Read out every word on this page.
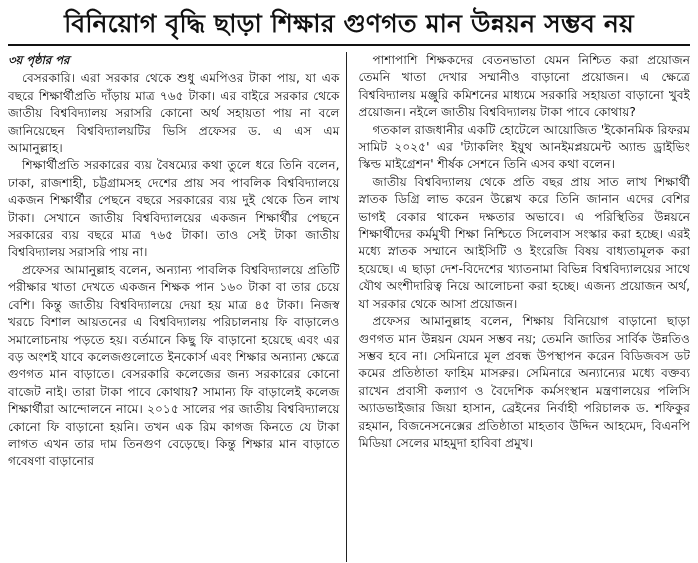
বিনিয়োগ বৃদ্ধি ছাড়া শিক্ষার গুণগত মান উন্নয়ন সম্ভব নয়

৩য় পৃষ্ঠার পর

বেসরকারি। এরা সরকার থেকে শুধু এমপিওর টাকা পায়, যা এক বছরে শিক্ষার্থীপ্রতি দাঁড়ায় মাত্র ৭৬৫ টাকা। এর বাইরে সরকার থেকে জাতীয় বিশ্ববিদ্যালয় সরাসরি কোনো অর্থ সহায়তা পায় না বলে জানিয়েছেন বিশ্ববিদ্যালয়টির ভিসি প্রফেসর ড. এ এস এম আমানুল্লাহ।

শিক্ষার্থীপ্রতি সরকারের ব্যয় বৈষম্যের কথা তুলে ধরে তিনি বলেন, ঢাকা, রাজশাহী, চট্টগ্রামসহ দেশের প্রায় সব পাবলিক বিশ্ববিদ্যালয়ে একজন শিক্ষার্থীর পেছনে বছরে সরকারের ব্যয় দুই থেকে তিন লাখ টাকা। সেখানে জাতীয় বিশ্ববিদ্যালয়ের একজন শিক্ষার্থীর পেছনে সরকারের ব্যয় বছরে মাত্র ৭৬৫ টাকা। তাও সেই টাকা জাতীয় বিশ্ববিদ্যালয় সরাসরি পায় না।

প্রফেসর আমানুল্লাহ বলেন, অন্যান্য পাবলিক বিশ্ববিদ্যালয়ে প্রতিটি পরীক্ষার খাতা দেখতে একজন শিক্ষক পান ১৬০ টাকা বা তার চেয়ে বেশি। কিন্তু জাতীয় বিশ্ববিদ্যালয়ে দেয়া হয় মাত্র ৪৫ টাকা। নিজস্ব খরচে বিশাল আয়তনের এ বিশ্ববিদ্যালয় পরিচালনায় ফি বাড়ালেও সমালোচনায় পড়তে হয়। বর্তমানে কিছু ফি বাড়ানো হয়েছে এবং এর বড় অংশই যাবে কলেজগুলোতে ইনকোর্স এবং শিক্ষার অন্যান্য ক্ষেত্রে গুণগত মান বাড়াতে। বেসরকারি কলেজের জন্য সরকারের কোনো বাজেট নাই। তারা টাকা পাবে কোথায়? সামান্য ফি বাড়ালেই কলেজ শিক্ষার্থীরা আন্দোলনে নামে। ২০১৫ সালের পর জাতীয় বিশ্ববিদ্যালয়ে কোনো ফি বাড়ানো হয়নি। তখন এক রিম কাগজ কিনতে যে টাকা লাগত এখন তার দাম তিনগুণ বেড়েছে। কিন্তু শিক্ষার মান বাড়াতে গবেষণা বাড়ানোর

পাশাপাশি শিক্ষকদের বেতনভাতা যেমন নিশ্চিত করা প্রয়োজন তেমনি খাতা দেখার সম্মানীও বাড়ানো প্রয়োজন। এ ক্ষেত্রে বিশ্ববিদ্যালয় মঞ্জুরি কমিশনের মাধ্যমে সরকারি সহায়তা বাড়ানো খুবই প্রয়োজন। নইলে জাতীয় বিশ্ববিদ্যালয় টাকা পাবে কোথায়?

গতকাল রাজধানীর একটি হোটেলে আয়োজিত 'ইকোনমিক রিফরম সামিট ২০২৫' এর 'ট্যাকলিং ইয়ুথ আনইমপ্লয়মেন্ট অ্যান্ড ড্রাইভিং স্কিল্ড মাইগ্রেশন' শীর্ষক সেশনে তিনি এসব কথা বলেন।

জাতীয় বিশ্ববিদ্যালয় থেকে প্রতি বছর প্রায় সাত লাখ শিক্ষার্থী স্নাতক ডিগ্রি লাভ করেন উল্লেখ করে তিনি জানান এদের বেশির ভাগই বেকার থাকেন দক্ষতার অভাবে। এ পরিস্থিতির উন্নয়নে শিক্ষার্থীদের কর্মমুখী শিক্ষা নিশ্চিতে সিলেবাস সংস্কার করা হচ্ছে। এরই মধ্যে স্নাতক সম্মানে আইসিটি ও ইংরেজি বিষয় বাধ্যতামূলক করা হয়েছে। এ ছাড়া দেশ-বিদেশের খ্যাতনামা বিভিন্ন বিশ্ববিদ্যালয়ের সাথে যৌথ অংশীদারিত্ব নিয়ে আলোচনা করা হচ্ছে। এজন্য প্রয়োজন অর্থ, যা সরকার থেকে আসা প্রয়োজন।

প্রফেসর আমানুল্লাহ বলেন, শিক্ষায় বিনিয়োগ বাড়ানো ছাড়া গুণগত মান উন্নয়ন যেমন সম্ভব নয়; তেমনি জাতির সার্বিক উন্নতিও সম্ভব হবে না। সেমিনারে মূল প্রবন্ধ উপস্থাপন করেন বিডিজবস ডট কমের প্রতিষ্ঠাতা ফাহিম মাসরুর। সেমিনারে অন্যান্যের মধ্যে বক্তব্য রাখেন প্রবাসী কল্যাণ ও বৈদেশিক কর্মসংস্থান মন্ত্রণালয়ের পলিসি অ্যাডভাইজার জিয়া হাসান, ব্রেইনের নির্বাহী পরিচালক ড. শফিকুর রহমান, বিজনেসনেক্সের প্রতিষ্ঠাতা মাহতাব উদ্দিন আহমেদ, বিএনপি মিডিয়া সেলের মাহমুদা হাবিবা প্রমুখ।
